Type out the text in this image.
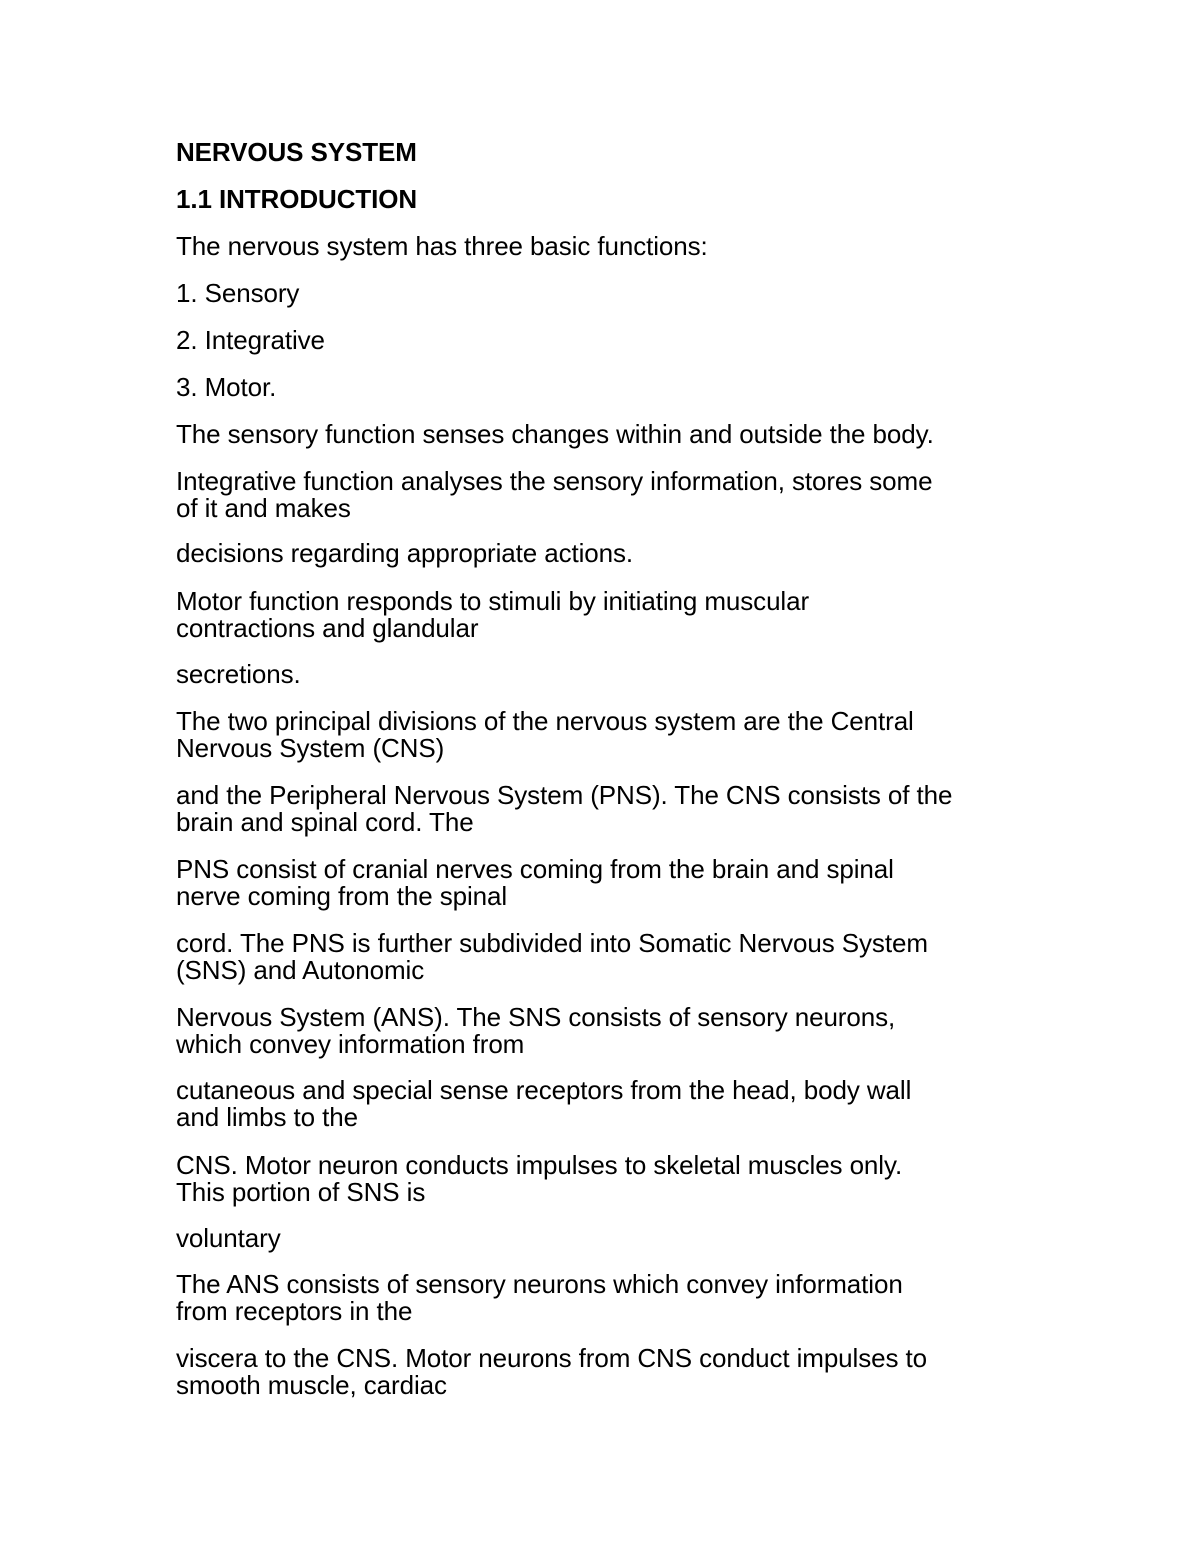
NERVOUS SYSTEM

1.1 INTRODUCTION

The nervous system has three basic functions:

1. Sensory

2. Integrative

3. Motor.

The sensory function senses changes within and outside the body.

Integrative function analyses the sensory information, stores some

of it and makes

decisions regarding appropriate actions.

Motor function responds to stimuli by initiating muscular

contractions and glandular

secretions.

The two principal divisions of the nervous system are the Central

Nervous System (CNS)

and the Peripheral Nervous System (PNS). The CNS consists of the

brain and spinal cord. The

PNS consist of cranial nerves coming from the brain and spinal

nerve coming from the spinal

cord. The PNS is further subdivided into Somatic Nervous System

(SNS) and Autonomic

Nervous System (ANS). The SNS consists of sensory neurons,

which convey information from

cutaneous and special sense receptors from the head, body wall

and limbs to the

CNS. Motor neuron conducts impulses to skeletal muscles only.

This portion of SNS is

voluntary

The ANS consists of sensory neurons which convey information

from receptors in the

viscera to the CNS. Motor neurons from CNS conduct impulses to

smooth muscle, cardiac
